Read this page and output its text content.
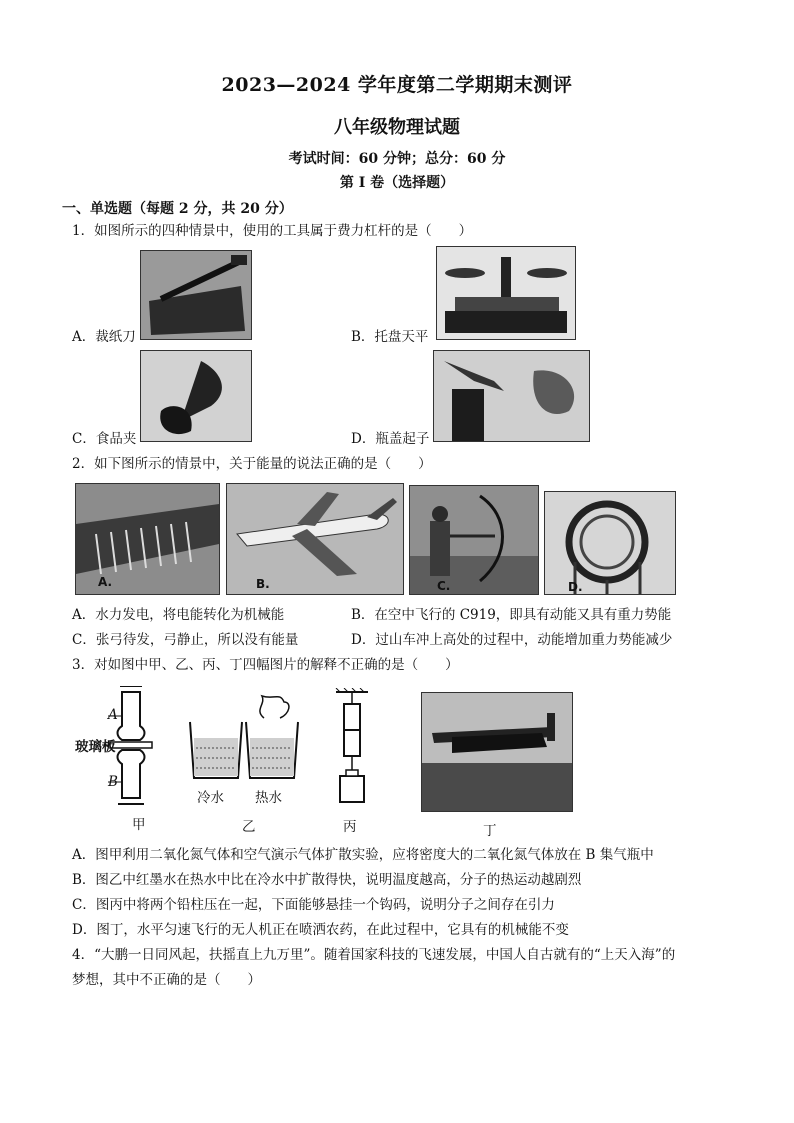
2023—2024 学年度第二学期期末测评
八年级物理试题
考试时间：60 分钟；总分：60 分
第 I 卷（选择题）
一、单选题（每题 2 分，共 20 分）
1．如图所示的四种情景中，使用的工具属于费力杠杆的是（　　）
A．裁纸刀	B．托盘天平
C．食品夹	D．瓶盖起子
2．如下图所示的情景中，关于能量的说法正确的是（　　）
A.	B.	C.	D.
A．水力发电，将电能转化为机械能	B．在空中飞行的 C919，即具有动能又具有重力势能
C．张弓待发，弓静止，所以没有能量	D．过山车冲上高处的过程中，动能增加重力势能减少
3．对如图中甲、乙、丙、丁四幅图片的解释不正确的是（　　）
A
玻璃板
B
甲
冷水 热水
乙	丙	丁
A．图甲利用二氧化氮气体和空气演示气体扩散实验，应将密度大的二氧化氮气体放在 B 集气瓶中
B．图乙中红墨水在热水中比在冷水中扩散得快，说明温度越高，分子的热运动越剧烈
C．图丙中将两个铅柱压在一起，下面能够悬挂一个钩码，说明分子之间存在引力
D．图丁，水平匀速飞行的无人机正在喷洒农药，在此过程中，它具有的机械能不变
4．“大鹏一日同风起，扶摇直上九万里”。随着国家科技的飞速发展，中国人自古就有的“上天入海”的
梦想，其中不正确的是（　　）
